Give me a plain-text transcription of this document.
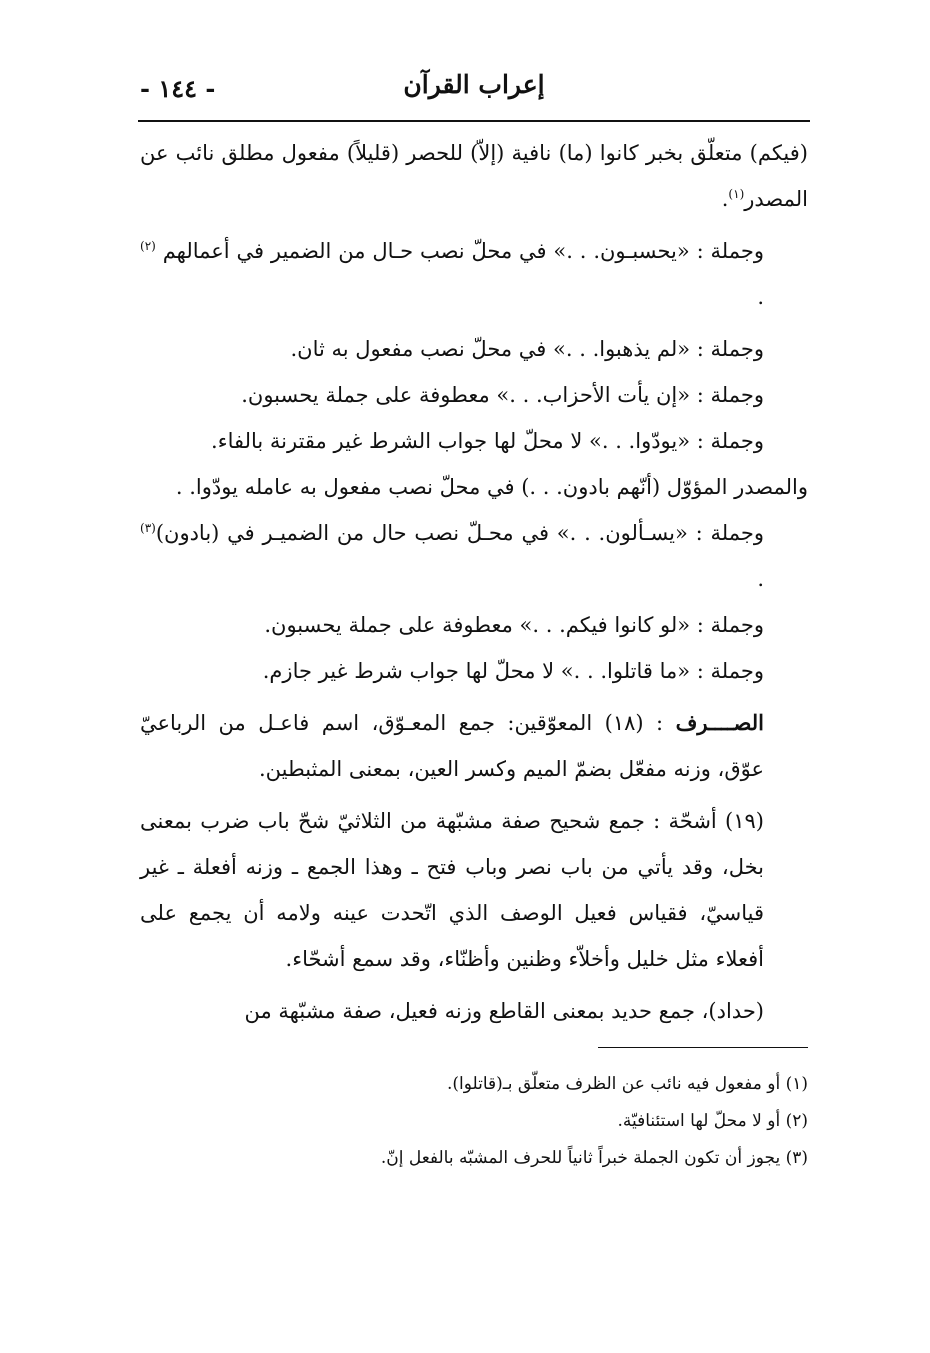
إعراب القرآن
- ١٤٤ -

(فيكم) متعلّق بخبر كانوا (ما) نافية (إلاّ) للحصر (قليلاً) مفعول مطلق نائب عن المصدر$^{(١)}$.

وجملة : «يحسبـون. . .» في محلّ نصب حـال من الضمير في أعمالهم $^{(٢)}$ .

وجملة : «لم يذهبوا. . .» في محلّ نصب مفعول به ثان.

وجملة : «إن يأت الأحزاب. . .» معطوفة على جملة يحسبون.

وجملة : «يودّوا. . .» لا محلّ لها جواب الشرط غير مقترنة بالفاء.

والمصدر المؤوّل (أنّهم بادون. . .) في محلّ نصب مفعول به عامله يودّوا. .

وجملة : «يسـألون. . .» في محـلّ نصب حال من الضميـر في (بادون)$^{(٣)}$ .

وجملة : «لو كانوا فيكم. . .» معطوفة على جملة يحسبون.

وجملة : «ما قاتلوا. . .» لا محلّ لها جواب شرط غير جازم.

الصــــرف : (١٨) المعوّقين: جمع المعـوّق، اسم فاعـل من الرباعيّ عوّق، وزنه مفعّل بضمّ الميم وكسر العين، بمعنى المثبطين.

(١٩) أشحّة : جمع شحيح صفة مشبّهة من الثلاثيّ شحّ باب ضرب بمعنى بخل، وقد يأتي من باب نصر وباب فتح ـ وهذا الجمع ـ وزنه أفعلة ـ غير قياسيّ، فقياس فعيل الوصف الذي اتّحدت عينه ولامه أن يجمع على أفعلاء مثل خليل وأخلاّء وظنين وأظنّاء، وقد سمع أشحّاء.

(حداد)، جمع حديد بمعنى القاطع وزنه فعيل، صفة مشبّهة من

(١) أو مفعول فيه نائب عن الظرف متعلّق بـ(قاتلوا).

(٢) أو لا محلّ لها استئنافيّة.

(٣) يجوز أن تكون الجملة خبراً ثانياً للحرف المشبّه بالفعل إنّ.
